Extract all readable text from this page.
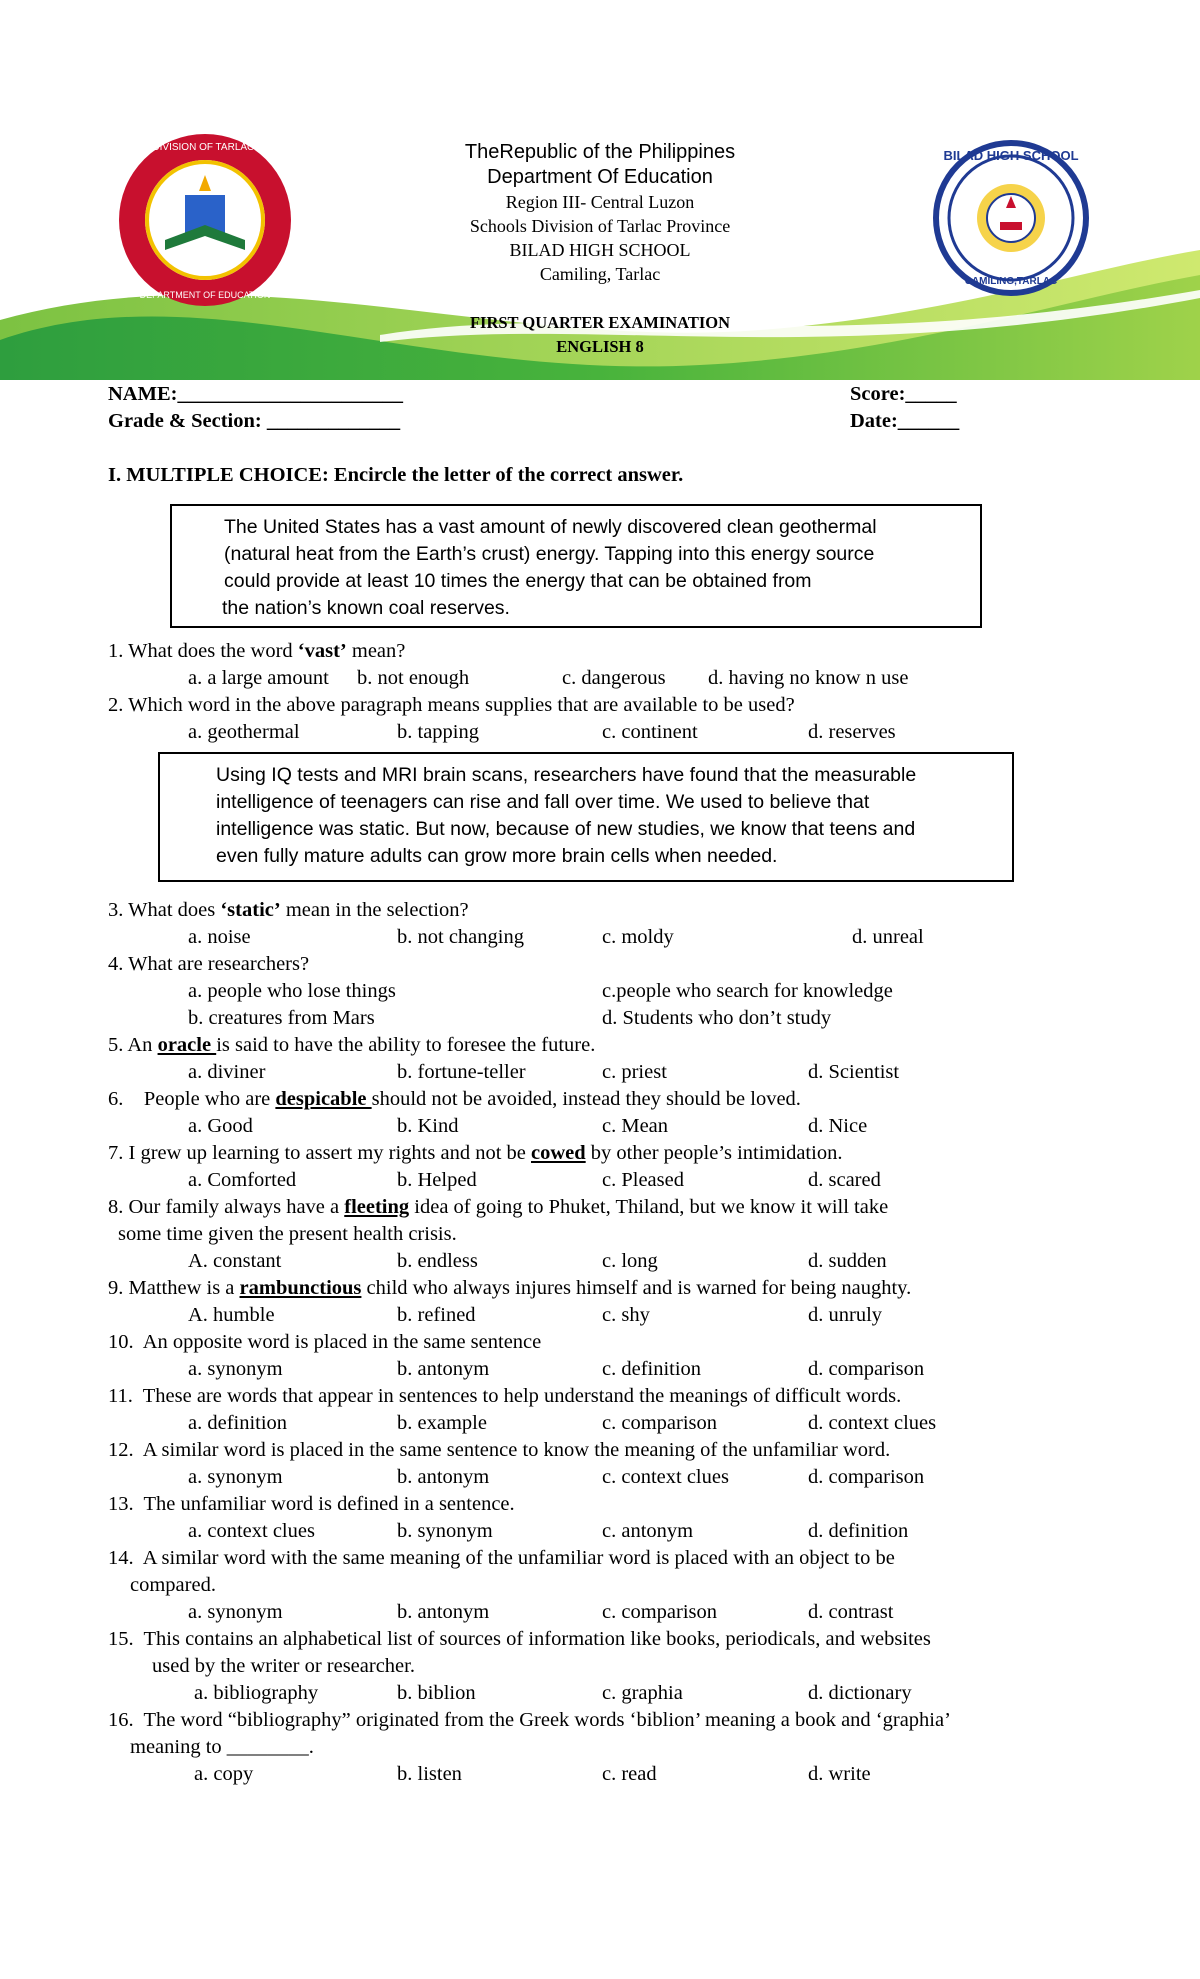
SCHOOLS DIVISION OF TARLAC PROVINCE
DEPARTMENT OF EDUCATION
BILAD HIGH SCHOOL
CAMILING,TARLAC
TheRepublic of the Philippines
Department Of Education
Region III- Central Luzon
Schools Division of Tarlac Province
BILAD HIGH SCHOOL
Camiling, Tarlac
FIRST QUARTER EXAMINATION
ENGLISH 8
NAME:______________________	Score:_____
Grade & Section: _____________	Date:______
I. MULTIPLE CHOICE: Encircle the letter of the correct answer.
The United States has a vast amount of newly discovered clean geothermal
(natural heat from the Earth’s crust) energy. Tapping into this energy source
could provide at least 10 times the energy that can be obtained from
the nation’s known coal reserves.
1. What does the word ‘vast’ mean?
a. a large amount b. not enough	c. dangerous d. having no know n use
2. Which word in the above paragraph means supplies that are available to be used?
a. geothermal	b. tapping	c. continent	d. reserves
Using IQ tests and MRI brain scans, researchers have found that the measurable
intelligence of teenagers can rise and fall over time. We used to believe that
intelligence was static. But now, because of new studies, we know that teens and
even fully mature adults can grow more brain cells when needed.
3. What does ‘static’ mean in the selection?
a. noise	b. not changing	c. moldy	d. unreal
4. What are researchers?
a. people who lose things	c.people who search for knowledge
b. creatures from Mars	d. Students who don’t study
5. An oracle is said to have the ability to foresee the future.
a. diviner	b. fortune-teller	c. priest	d. Scientist
6.    People who are despicable should not be avoided, instead they should be loved.
a. Good	b. Kind	c. Mean	d. Nice
7. I grew up learning to assert my rights and not be cowed by other people’s intimidation.
a. Comforted	b. Helped	c. Pleased	d. scared
8. Our family always have a fleeting idea of going to Phuket, Thiland, but we know it will take
some time given the present health crisis.
A. constant	b. endless	c. long	d. sudden
9. Matthew is a rambunctious child who always injures himself and is warned for being naughty.
A. humble	b. refined	c. shy	d. unruly
10.  An opposite word is placed in the same sentence
a. synonym	b. antonym	c. definition	d. comparison
11.  These are words that appear in sentences to help understand the meanings of difficult words.
a. definition	b. example	c. comparison	d. context clues
12.  A similar word is placed in the same sentence to know the meaning of the unfamiliar word.
a. synonym	b. antonym	c. context clues	d. comparison
13.  The unfamiliar word is defined in a sentence.
a. context clues	b. synonym	c. antonym	d. definition
14.  A similar word with the same meaning of the unfamiliar word is placed with an object to be
compared.
a. synonym	b. antonym	c. comparison	d. contrast
15.  This contains an alphabetical list of sources of information like books, periodicals, and websites
used by the writer or researcher.
a. bibliography	b. biblion	c. graphia	d. dictionary
16.  The word “bibliography” originated from the Greek words ‘biblion’ meaning a book and ‘graphia’
meaning to ________.
a. copy	b. listen	c. read	d. write
